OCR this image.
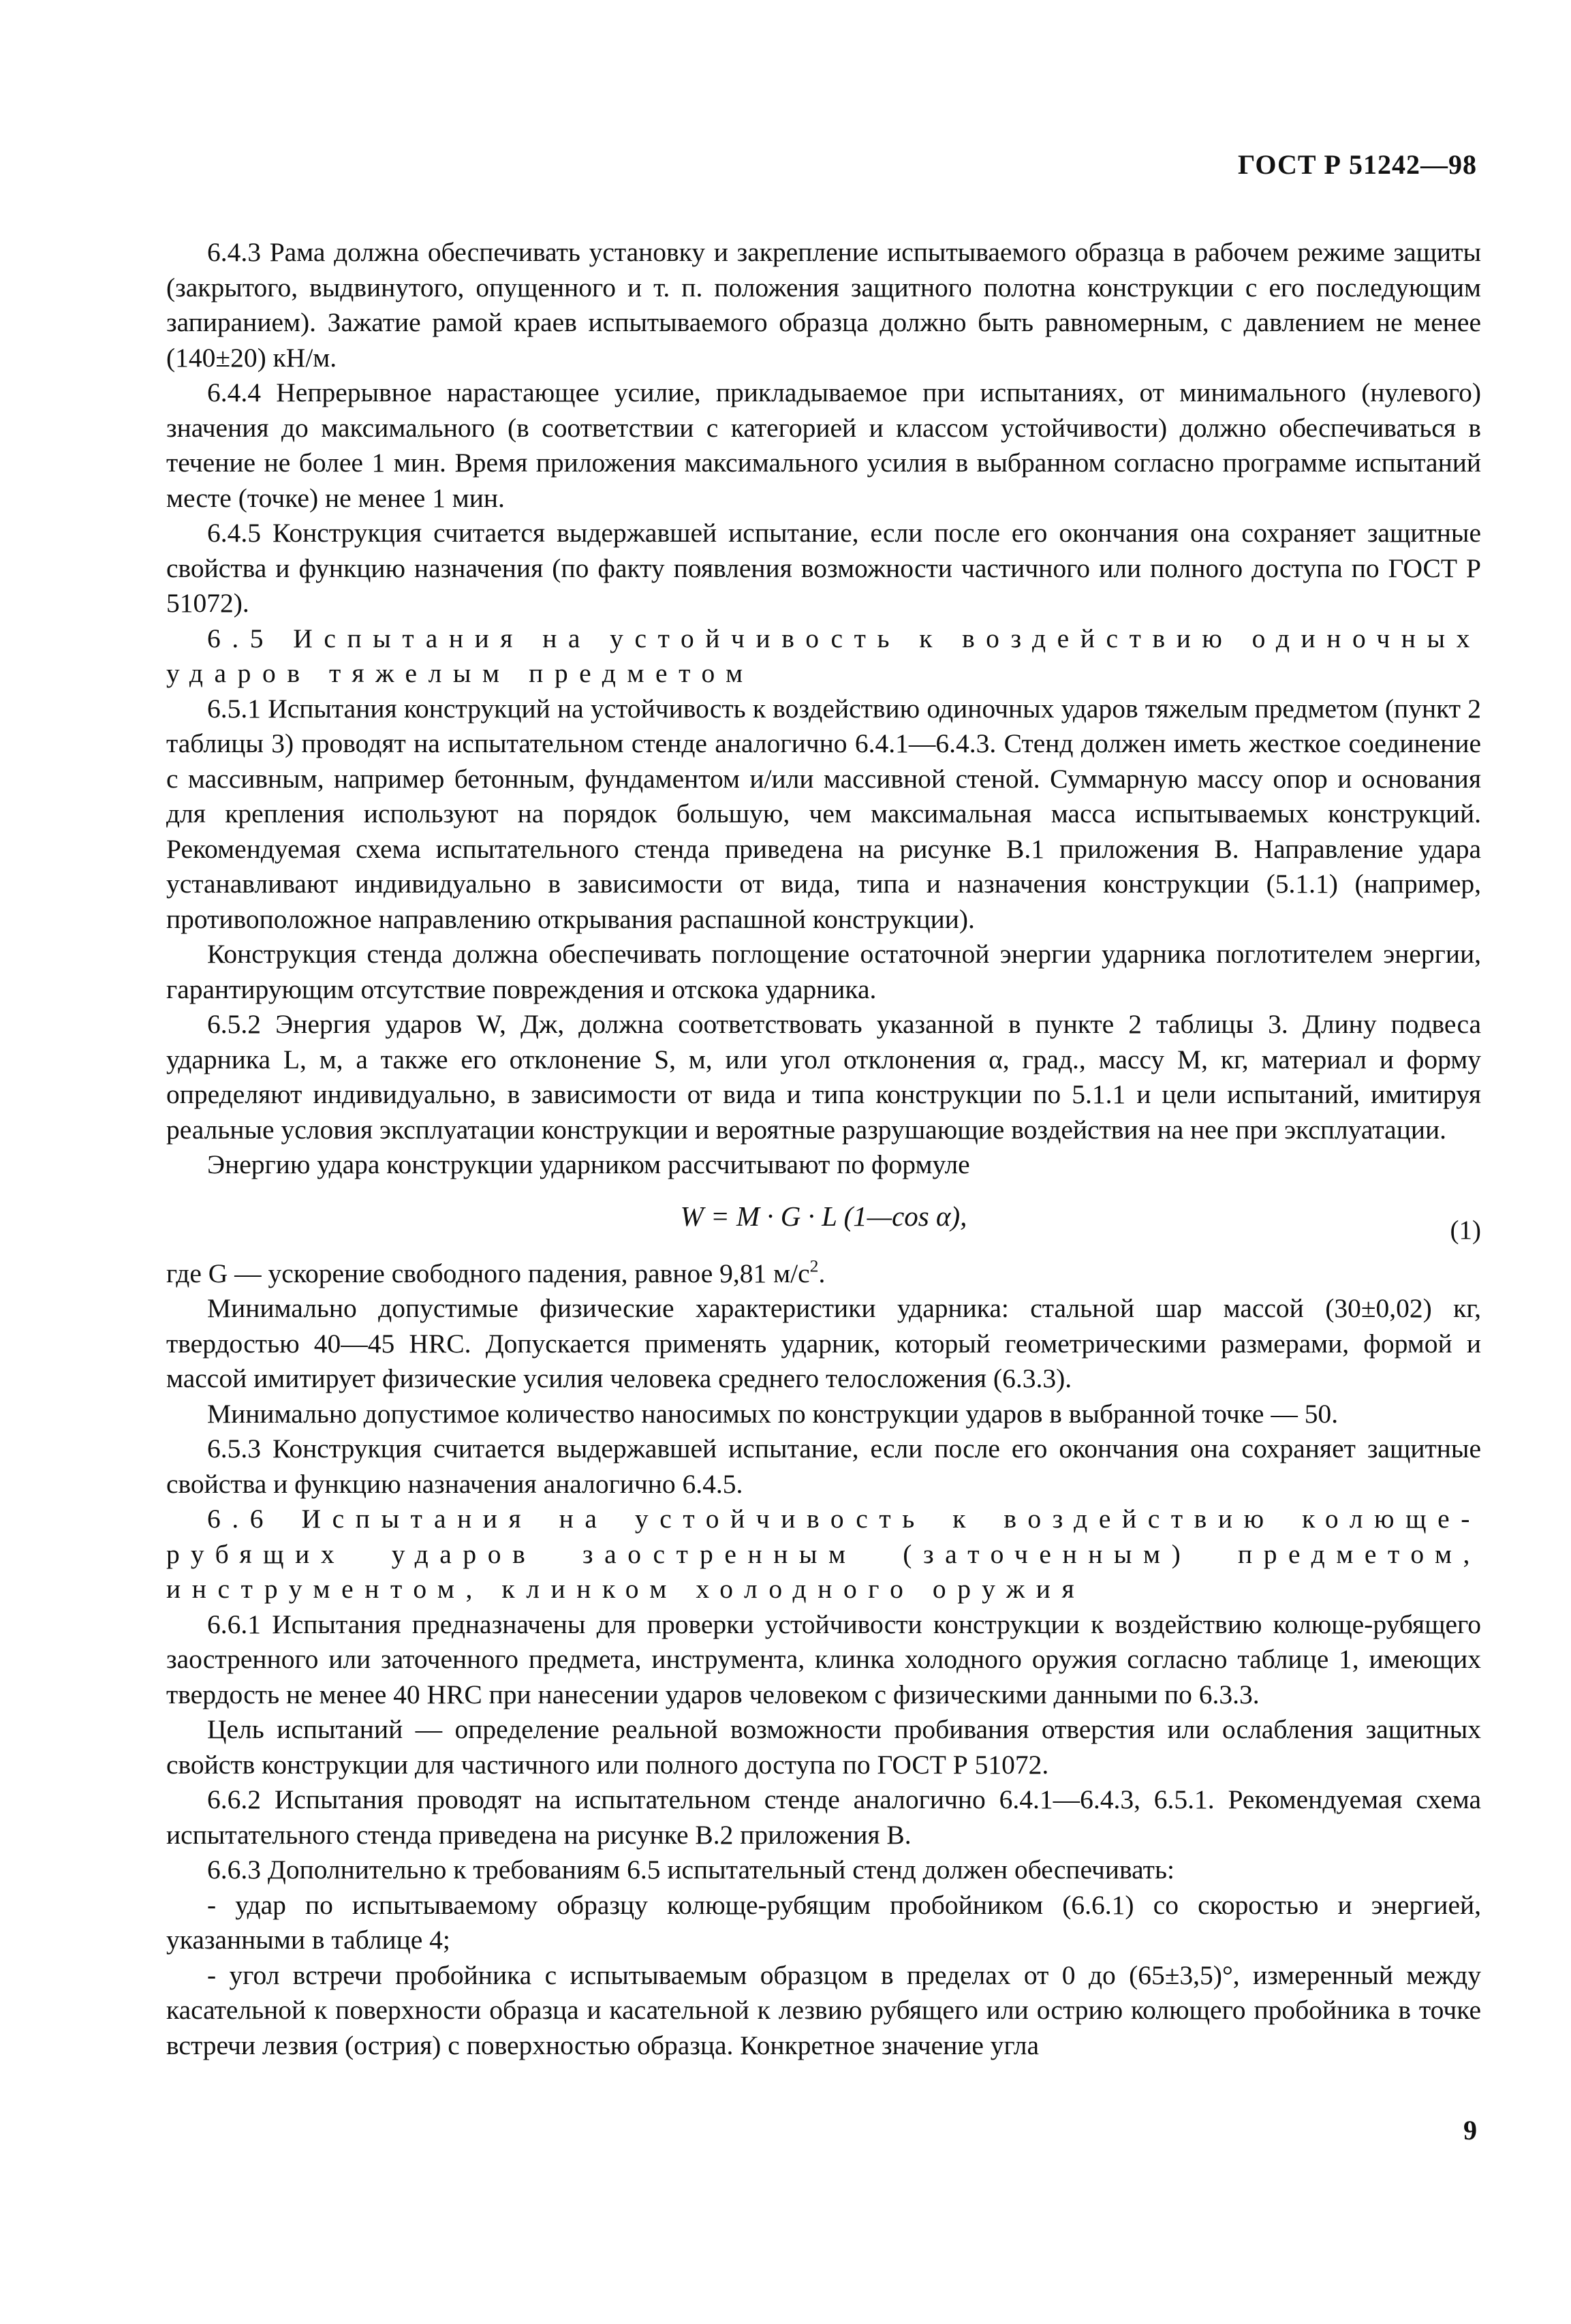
ГОСТ Р 51242—98

6.4.3 Рама должна обеспечивать установку и закрепление испытываемого образца в рабочем режиме защиты (закрытого, выдвинутого, опущенного и т. п. положения защитного полотна конструкции с его последующим запиранием). Зажатие рамой краев испытываемого образца должно быть равномерным, с давлением не менее (140±20) кН/м.

6.4.4 Непрерывное нарастающее усилие, прикладываемое при испытаниях, от минимального (нулевого) значения до максимального (в соответствии с категорией и классом устойчивости) должно обеспечиваться в течение не более 1 мин. Время приложения максимального усилия в выбранном согласно программе испытаний месте (точке) не менее 1 мин.

6.4.5 Конструкция считается выдержавшей испытание, если после его окончания она сохраняет защитные свойства и функцию назначения (по факту появления возможности частичного или полного доступа по ГОСТ Р 51072).

6.5 Испытания на устойчивость к воздействию одиночных ударов тяжелым предметом

6.5.1 Испытания конструкций на устойчивость к воздействию одиночных ударов тяжелым предметом (пункт 2 таблицы 3) проводят на испытательном стенде аналогично 6.4.1—6.4.3. Стенд должен иметь жесткое соединение с массивным, например бетонным, фундаментом и/или массивной стеной. Суммарную массу опор и основания для крепления используют на порядок большую, чем максимальная масса испытываемых конструкций. Рекомендуемая схема испытательного стенда приведена на рисунке В.1 приложения В. Направление удара устанавливают индивидуально в зависимости от вида, типа и назначения конструкции (5.1.1) (например, противоположное направлению открывания распашной конструкции).

Конструкция стенда должна обеспечивать поглощение остаточной энергии ударника поглотителем энергии, гарантирующим отсутствие повреждения и отскока ударника.

6.5.2 Энергия ударов W, Дж, должна соответствовать указанной в пункте 2 таблицы 3. Длину подвеса ударника L, м, а также его отклонение S, м, или угол отклонения α, град., массу M, кг, материал и форму определяют индивидуально, в зависимости от вида и типа конструкции по 5.1.1 и цели испытаний, имитируя реальные условия эксплуатации конструкции и вероятные разрушающие воздействия на нее при эксплуатации.

Энергию удара конструкции ударником рассчитывают по формуле

W = M · G · L (1—cos α),	(1)

где G — ускорение свободного падения, равное 9,81 $м/с^2$.

Минимально допустимые физические характеристики ударника: стальной шар массой (30±0,02) кг, твердостью 40—45 HRC. Допускается применять ударник, который геометрическими размерами, формой и массой имитирует физические усилия человека среднего телосложения (6.3.3).

Минимально допустимое количество наносимых по конструкции ударов в выбранной точке — 50.

6.5.3 Конструкция считается выдержавшей испытание, если после его окончания она сохраняет защитные свойства и функцию назначения аналогично 6.4.5.

6.6 Испытания на устойчивость к воздействию колюще-рубящих ударов заостренным (заточенным) предметом, инструментом, клинком холодного оружия

6.6.1 Испытания предназначены для проверки устойчивости конструкции к воздействию колюще-рубящего заостренного или заточенного предмета, инструмента, клинка холодного оружия согласно таблице 1, имеющих твердость не менее 40 HRC при нанесении ударов человеком с физическими данными по 6.3.3.

Цель испытаний — определение реальной возможности пробивания отверстия или ослабления защитных свойств конструкции для частичного или полного доступа по ГОСТ Р 51072.

6.6.2 Испытания проводят на испытательном стенде аналогично 6.4.1—6.4.3, 6.5.1. Рекомендуемая схема испытательного стенда приведена на рисунке В.2 приложения В.

6.6.3 Дополнительно к требованиям 6.5 испытательный стенд должен обеспечивать:

- удар по испытываемому образцу колюще-рубящим пробойником (6.6.1) со скоростью и энергией, указанными в таблице 4;

- угол встречи пробойника с испытываемым образцом в пределах от 0 до (65±3,5)°, измеренный между касательной к поверхности образца и касательной к лезвию рубящего или острию колющего пробойника в точке встречи лезвия (острия) с поверхностью образца. Конкретное значение угла

9
